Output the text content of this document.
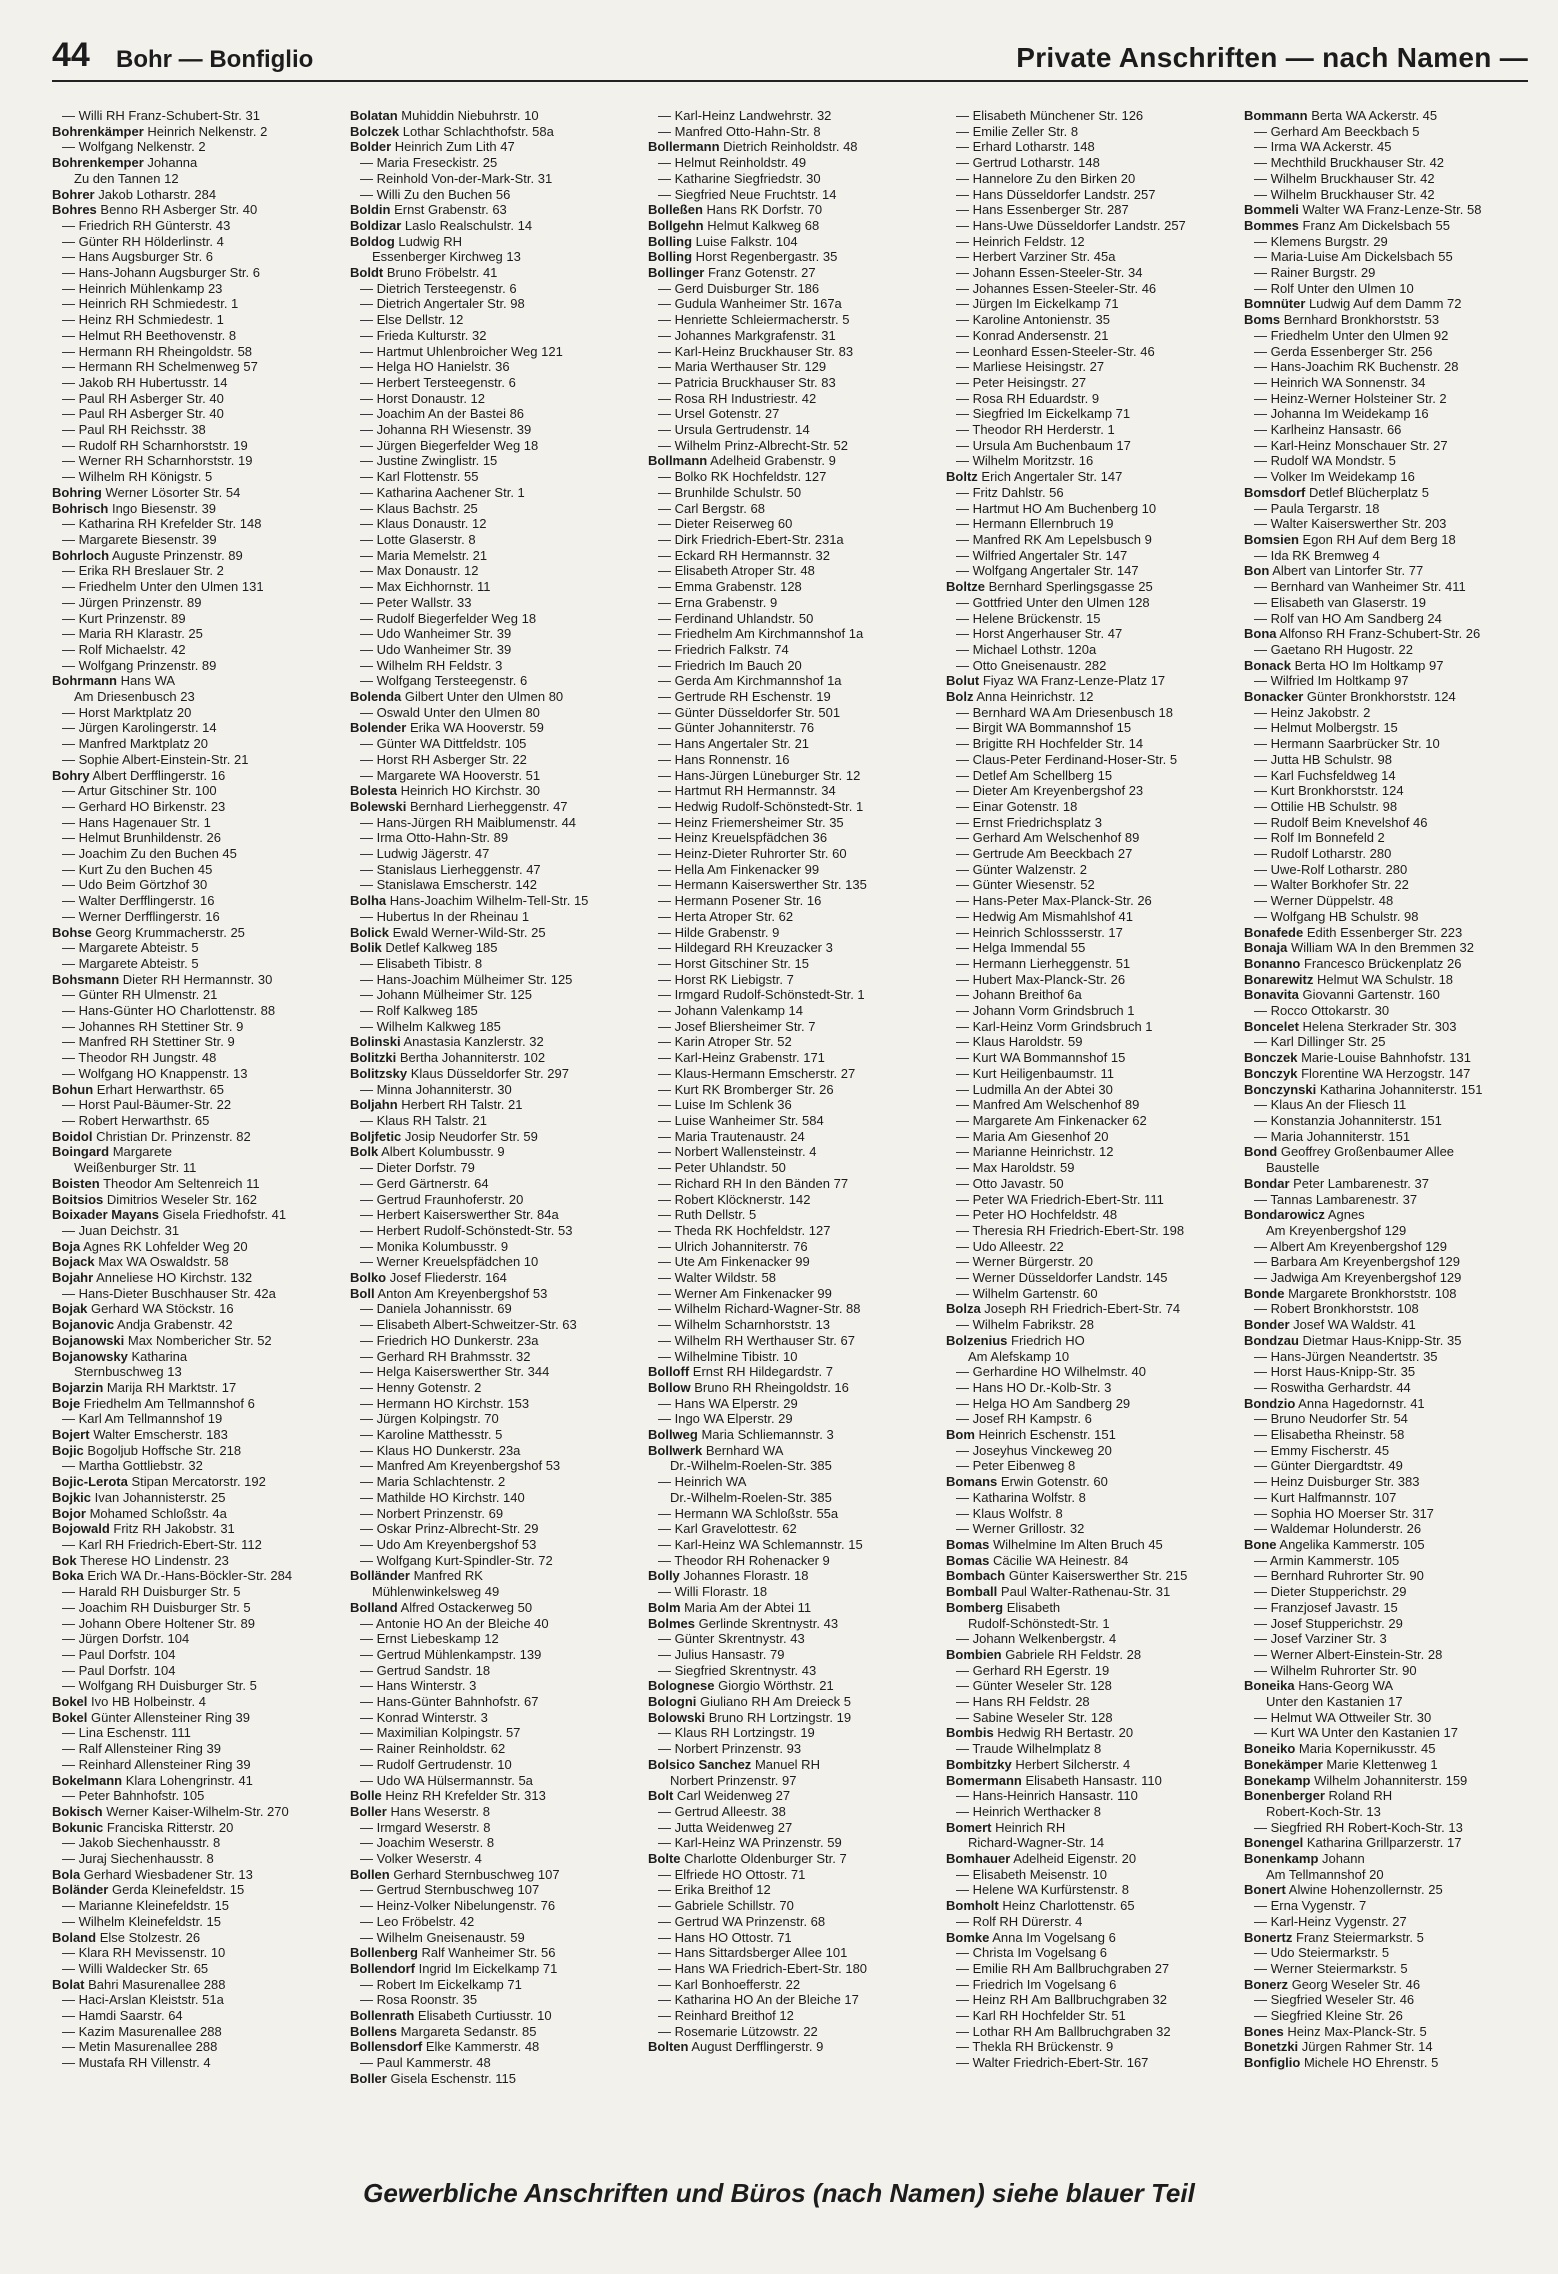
44 Bohr — Bonfiglio	Private Anschriften — nach Namen —
— Willi RH Franz-Schubert-Str. 31
Bohrenkämper Heinrich Nelkenstr. 2
— Wolfgang Nelkenstr. 2
Bohrenkemper Johanna
Zu den Tannen 12
Bohrer Jakob Lotharstr. 284
Bohres Benno RH Asberger Str. 40
— Friedrich RH Günterstr. 43
— Günter RH Hölderlinstr. 4
— Hans Augsburger Str. 6
— Hans-Johann Augsburger Str. 6
— Heinrich Mühlenkamp 23
— Heinrich RH Schmiedestr. 1
— Heinz RH Schmiedestr. 1
— Helmut RH Beethovenstr. 8
— Hermann RH Rheingoldstr. 58
— Hermann RH Schelmenweg 57
— Jakob RH Hubertusstr. 14
— Paul RH Asberger Str. 40
— Paul RH Asberger Str. 40
— Paul RH Reichsstr. 38
— Rudolf RH Scharnhorststr. 19
— Werner RH Scharnhorststr. 19
— Wilhelm RH Königstr. 5
Bohring Werner Lösorter Str. 54
Bohrisch Ingo Biesenstr. 39
— Katharina RH Krefelder Str. 148
— Margarete Biesenstr. 39
Bohrloch Auguste Prinzenstr. 89
— Erika RH Breslauer Str. 2
— Friedhelm Unter den Ulmen 131
— Jürgen Prinzenstr. 89
— Kurt Prinzenstr. 89
— Maria RH Klarastr. 25
— Rolf Michaelstr. 42
— Wolfgang Prinzenstr. 89
Bohrmann Hans WA
Am Driesenbusch 23
— Horst Marktplatz 20
— Jürgen Karolingerstr. 14
— Manfred Marktplatz 20
— Sophie Albert-Einstein-Str. 21
Bohry Albert Derfflingerstr. 16
— Artur Gitschiner Str. 100
— Gerhard HO Birkenstr. 23
— Hans Hagenauer Str. 1
— Helmut Brunhildenstr. 26
— Joachim Zu den Buchen 45
— Kurt Zu den Buchen 45
— Udo Beim Görtzhof 30
— Walter Derfflingerstr. 16
— Werner Derfflingerstr. 16
Bohse Georg Krummacherstr. 25
— Margarete Abteistr. 5
— Margarete Abteistr. 5
Bohsmann Dieter RH Hermannstr. 30
— Günter RH Ulmenstr. 21
— Hans-Günter HO Charlottenstr. 88
— Johannes RH Stettiner Str. 9
— Manfred RH Stettiner Str. 9
— Theodor RH Jungstr. 48
— Wolfgang HO Knappenstr. 13
Bohun Erhart Herwarthstr. 65
— Horst Paul-Bäumer-Str. 22
— Robert Herwarthstr. 65
Boidol Christian Dr. Prinzenstr. 82
Boingard Margarete
Weißenburger Str. 11
Boisten Theodor Am Seltenreich 11
Boitsios Dimitrios Weseler Str. 162
Boixader Mayans Gisela Friedhofstr. 41
— Juan Deichstr. 31
Boja Agnes RK Lohfelder Weg 20
Bojack Max WA Oswaldstr. 58
Bojahr Anneliese HO Kirchstr. 132
— Hans-Dieter Buschhauser Str. 42a
Bojak Gerhard WA Stöckstr. 16
Bojanovic Andja Grabenstr. 42
Bojanowski Max Nombericher Str. 52
Bojanowsky Katharina
Sternbuschweg 13
Bojarzin Marija RH Marktstr. 17
Boje Friedhelm Am Tellmannshof 6
— Karl Am Tellmannshof 19
Bojert Walter Emscherstr. 183
Bojic Bogoljub Hoffsche Str. 218
— Martha Gottliebstr. 32
Bojic-Lerota Stipan Mercatorstr. 192
Bojkic Ivan Johannisterstr. 25
Bojor Mohamed Schloßstr. 4a
Bojowald Fritz RH Jakobstr. 31
— Karl RH Friedrich-Ebert-Str. 112
Bok Therese HO Lindenstr. 23
Boka Erich WA Dr.-Hans-Böckler-Str. 284
— Harald RH Duisburger Str. 5
— Joachim RH Duisburger Str. 5
— Johann Obere Holtener Str. 89
— Jürgen Dorfstr. 104
— Paul Dorfstr. 104
— Paul Dorfstr. 104
— Wolfgang RH Duisburger Str. 5
Bokel Ivo HB Holbeinstr. 4
Bokel Günter Allensteiner Ring 39
— Lina Eschenstr. 111
— Ralf Allensteiner Ring 39
— Reinhard Allensteiner Ring 39
Bokelmann Klara Lohengrinstr. 41
— Peter Bahnhofstr. 105
Bokisch Werner Kaiser-Wilhelm-Str. 270
Bokunic Franciska Ritterstr. 20
— Jakob Siechenhausstr. 8
— Juraj Siechenhausstr. 8
Bola Gerhard Wiesbadener Str. 13
Boländer Gerda Kleinefeldstr. 15
— Marianne Kleinefeldstr. 15
— Wilhelm Kleinefeldstr. 15
Boland Else Stolzestr. 26
— Klara RH Mevissenstr. 10
— Willi Waldecker Str. 65
Bolat Bahri Masurenallee 288
— Haci-Arslan Kleiststr. 51a
— Hamdi Saarstr. 64
— Kazim Masurenallee 288
— Metin Masurenallee 288
— Mustafa RH Villenstr. 4
Bolatan Muhiddin Niebuhrstr. 10
Bolczek Lothar Schlachthofstr. 58a
Bolder Heinrich Zum Lith 47
— Maria Freseckistr. 25
— Reinhold Von-der-Mark-Str. 31
— Willi Zu den Buchen 56
Boldin Ernst Grabenstr. 63
Boldizar Laslo Realschulstr. 14
Boldog Ludwig RH
Essenberger Kirchweg 13
Boldt Bruno Fröbelstr. 41
— Dietrich Tersteegenstr. 6
— Dietrich Angertaler Str. 98
— Else Dellstr. 12
— Frieda Kulturstr. 32
— Hartmut Uhlenbroicher Weg 121
— Helga HO Hanielstr. 36
— Herbert Tersteegenstr. 6
— Horst Donaustr. 12
— Joachim An der Bastei 86
— Johanna RH Wiesenstr. 39
— Jürgen Biegerfelder Weg 18
— Justine Zwinglistr. 15
— Karl Flottenstr. 55
— Katharina Aachener Str. 1
— Klaus Bachstr. 25
— Klaus Donaustr. 12
— Lotte Glaserstr. 8
— Maria Memelstr. 21
— Max Donaustr. 12
— Max Eichhornstr. 11
— Peter Wallstr. 33
— Rudolf Biegerfelder Weg 18
— Udo Wanheimer Str. 39
— Udo Wanheimer Str. 39
— Wilhelm RH Feldstr. 3
— Wolfgang Tersteegenstr. 6
Bolenda Gilbert Unter den Ulmen 80
— Oswald Unter den Ulmen 80
Bolender Erika WA Hooverstr. 59
— Günter WA Dittfeldstr. 105
— Horst RH Asberger Str. 22
— Margarete WA Hooverstr. 51
Bolesta Heinrich HO Kirchstr. 30
Bolewski Bernhard Lierheggenstr. 47
— Hans-Jürgen RH Maiblumenstr. 44
— Irma Otto-Hahn-Str. 89
— Ludwig Jägerstr. 47
— Stanislaus Lierheggenstr. 47
— Stanislawa Emscherstr. 142
Bolha Hans-Joachim Wilhelm-Tell-Str. 15
— Hubertus In der Rheinau 1
Bolick Ewald Werner-Wild-Str. 25
Bolik Detlef Kalkweg 185
— Elisabeth Tibistr. 8
— Hans-Joachim Mülheimer Str. 125
— Johann Mülheimer Str. 125
— Rolf Kalkweg 185
— Wilhelm Kalkweg 185
Bolinski Anastasia Kanzlerstr. 32
Bolitzki Bertha Johanniterstr. 102
Bolitzsky Klaus Düsseldorfer Str. 297
— Minna Johanniterstr. 30
Boljahn Herbert RH Talstr. 21
— Klaus RH Talstr. 21
Boljfetic Josip Neudorfer Str. 59
Bolk Albert Kolumbusstr. 9
— Dieter Dorfstr. 79
— Gerd Gärtnerstr. 64
— Gertrud Fraunhoferstr. 20
— Herbert Kaiserswerther Str. 84a
— Herbert Rudolf-Schönstedt-Str. 53
— Monika Kolumbusstr. 9
— Werner Kreuelspfädchen 10
Bolko Josef Fliederstr. 164
Boll Anton Am Kreyenbergshof 53
— Daniela Johannisstr. 69
— Elisabeth Albert-Schweitzer-Str. 63
— Friedrich HO Dunkerstr. 23a
— Gerhard RH Brahmsstr. 32
— Helga Kaiserswerther Str. 344
— Henny Gotenstr. 2
— Hermann HO Kirchstr. 153
— Jürgen Kolpingstr. 70
— Karoline Matthesstr. 5
— Klaus HO Dunkerstr. 23a
— Manfred Am Kreyenbergshof 53
— Maria Schlachtenstr. 2
— Mathilde HO Kirchstr. 140
— Norbert Prinzenstr. 69
— Oskar Prinz-Albrecht-Str. 29
— Udo Am Kreyenbergshof 53
— Wolfgang Kurt-Spindler-Str. 72
Bolländer Manfred RK
Mühlenwinkelsweg 49
Bolland Alfred Ostackerweg 50
— Antonie HO An der Bleiche 40
— Ernst Liebeskamp 12
— Gertrud Mühlenkampstr. 139
— Gertrud Sandstr. 18
— Hans Winterstr. 3
— Hans-Günter Bahnhofstr. 67
— Konrad Winterstr. 3
— Maximilian Kolpingstr. 57
— Rainer Reinholdstr. 62
— Rudolf Gertrudenstr. 10
— Udo WA Hülsermannstr. 5a
Bolle Heinz RH Krefelder Str. 313
Boller Hans Weserstr. 8
— Irmgard Weserstr. 8
— Joachim Weserstr. 8
— Volker Weserstr. 4
Bollen Gerhard Sternbuschweg 107
— Gertrud Sternbuschweg 107
— Heinz-Volker Nibelungenstr. 76
— Leo Fröbelstr. 42
— Wilhelm Gneisenaustr. 59
Bollenberg Ralf Wanheimer Str. 56
Bollendorf Ingrid Im Eickelkamp 71
— Robert Im Eickelkamp 71
— Rosa Roonstr. 35
Bollenrath Elisabeth Curtiusstr. 10
Bollens Margareta Sedanstr. 85
Bollensdorf Elke Kammerstr. 48
— Paul Kammerstr. 48
Boller Gisela Eschenstr. 115
— Karl-Heinz Landwehrstr. 32
— Manfred Otto-Hahn-Str. 8
Bollermann Dietrich Reinholdstr. 48
— Helmut Reinholdstr. 49
— Katharine Siegfriedstr. 30
— Siegfried Neue Fruchtstr. 14
Bolleßen Hans RK Dorfstr. 70
Bollgehn Helmut Kalkweg 68
Bolling Luise Falkstr. 104
Bolling Horst Regenbergastr. 35
Bollinger Franz Gotenstr. 27
— Gerd Duisburger Str. 186
— Gudula Wanheimer Str. 167a
— Henriette Schleiermacherstr. 5
— Johannes Markgrafenstr. 31
— Karl-Heinz Bruckhauser Str. 83
— Maria Werthauser Str. 129
— Patricia Bruckhauser Str. 83
— Rosa RH Industriestr. 42
— Ursel Gotenstr. 27
— Ursula Gertrudenstr. 14
— Wilhelm Prinz-Albrecht-Str. 52
Bollmann Adelheid Grabenstr. 9
— Bolko RK Hochfeldstr. 127
— Brunhilde Schulstr. 50
— Carl Bergstr. 68
— Dieter Reiserweg 60
— Dirk Friedrich-Ebert-Str. 231a
— Eckard RH Hermannstr. 32
— Elisabeth Atroper Str. 48
— Emma Grabenstr. 128
— Erna Grabenstr. 9
— Ferdinand Uhlandstr. 50
— Friedhelm Am Kirchmannshof 1a
— Friedrich Falkstr. 74
— Friedrich Im Bauch 20
— Gerda Am Kirchmannshof 1a
— Gertrude RH Eschenstr. 19
— Günter Düsseldorfer Str. 501
— Günter Johanniterstr. 76
— Hans Angertaler Str. 21
— Hans Ronnenstr. 16
— Hans-Jürgen Lüneburger Str. 12
— Hartmut RH Hermannstr. 34
— Hedwig Rudolf-Schönstedt-Str. 1
— Heinz Friemersheimer Str. 35
— Heinz Kreuelspfädchen 36
— Heinz-Dieter Ruhrorter Str. 60
— Hella Am Finkenacker 99
— Hermann Kaiserswerther Str. 135
— Hermann Posener Str. 16
— Herta Atroper Str. 62
— Hilde Grabenstr. 9
— Hildegard RH Kreuzacker 3
— Horst Gitschiner Str. 15
— Horst RK Liebigstr. 7
— Irmgard Rudolf-Schönstedt-Str. 1
— Johann Valenkamp 14
— Josef Bliersheimer Str. 7
— Karin Atroper Str. 52
— Karl-Heinz Grabenstr. 171
— Klaus-Hermann Emscherstr. 27
— Kurt RK Bromberger Str. 26
— Luise Im Schlenk 36
— Luise Wanheimer Str. 584
— Maria Trautenaustr. 24
— Norbert Wallensteinstr. 4
— Peter Uhlandstr. 50
— Richard RH In den Bänden 77
— Robert Klöcknerstr. 142
— Ruth Dellstr. 5
— Theda RK Hochfeldstr. 127
— Ulrich Johanniterstr. 76
— Ute Am Finkenacker 99
— Walter Wildstr. 58
— Werner Am Finkenacker 99
— Wilhelm Richard-Wagner-Str. 88
— Wilhelm Scharnhorststr. 13
— Wilhelm RH Werthauser Str. 67
— Wilhelmine Tibistr. 10
Bolloff Ernst RH Hildegardstr. 7
Bollow Bruno RH Rheingoldstr. 16
— Hans WA Elperstr. 29
— Ingo WA Elperstr. 29
Bollweg Maria Schliemannstr. 3
Bollwerk Bernhard WA
Dr.-Wilhelm-Roelen-Str. 385
— Heinrich WA
Dr.-Wilhelm-Roelen-Str. 385
— Hermann WA Schloßstr. 55a
— Karl Gravelottestr. 62
— Karl-Heinz WA Schlemannstr. 15
— Theodor RH Rohenacker 9
Bolly Johannes Florastr. 18
— Willi Florastr. 18
Bolm Maria Am der Abtei 11
Bolmes Gerlinde Skrentnystr. 43
— Günter Skrentnystr. 43
— Julius Hansastr. 79
— Siegfried Skrentnystr. 43
Bolognese Giorgio Wörthstr. 21
Bologni Giuliano RH Am Dreieck 5
Bolowski Bruno RH Lortzingstr. 19
— Klaus RH Lortzingstr. 19
— Norbert Prinzenstr. 93
Bolsico Sanchez Manuel RH
Norbert Prinzenstr. 97
Bolt Carl Weidenweg 27
— Gertrud Alleestr. 38
— Jutta Weidenweg 27
— Karl-Heinz WA Prinzenstr. 59
Bolte Charlotte Oldenburger Str. 7
— Elfriede HO Ottostr. 71
— Erika Breithof 12
— Gabriele Schillstr. 70
— Gertrud WA Prinzenstr. 68
— Hans HO Ottostr. 71
— Hans Sittardsberger Allee 101
— Hans WA Friedrich-Ebert-Str. 180
— Karl Bonhoefferstr. 22
— Katharina HO An der Bleiche 17
— Reinhard Breithof 12
— Rosemarie Lützowstr. 22
Bolten August Derfflingerstr. 9
— Elisabeth Münchener Str. 126
— Emilie Zeller Str. 8
— Erhard Lotharstr. 148
— Gertrud Lotharstr. 148
— Hannelore Zu den Birken 20
— Hans Düsseldorfer Landstr. 257
— Hans Essenberger Str. 287
— Hans-Uwe Düsseldorfer Landstr. 257
— Heinrich Feldstr. 12
— Herbert Varziner Str. 45a
— Johann Essen-Steeler-Str. 34
— Johannes Essen-Steeler-Str. 46
— Jürgen Im Eickelkamp 71
— Karoline Antonienstr. 35
— Konrad Andersenstr. 21
— Leonhard Essen-Steeler-Str. 46
— Marliese Heisingstr. 27
— Peter Heisingstr. 27
— Rosa RH Eduardstr. 9
— Siegfried Im Eickelkamp 71
— Theodor RH Herderstr. 1
— Ursula Am Buchenbaum 17
— Wilhelm Moritzstr. 16
Boltz Erich Angertaler Str. 147
— Fritz Dahlstr. 56
— Hartmut HO Am Buchenberg 10
— Hermann Ellernbruch 19
— Manfred RK Am Lepelsbusch 9
— Wilfried Angertaler Str. 147
— Wolfgang Angertaler Str. 147
Boltze Bernhard Sperlingsgasse 25
— Gottfried Unter den Ulmen 128
— Helene Brückenstr. 15
— Horst Angerhauser Str. 47
— Michael Lothstr. 120a
— Otto Gneisenaustr. 282
Bolut Fiyaz WA Franz-Lenze-Platz 17
Bolz Anna Heinrichstr. 12
— Bernhard WA Am Driesenbusch 18
— Birgit WA Bommannshof 15
— Brigitte RH Hochfelder Str. 14
— Claus-Peter Ferdinand-Hoser-Str. 5
— Detlef Am Schellberg 15
— Dieter Am Kreyenbergshof 23
— Einar Gotenstr. 18
— Ernst Friedrichsplatz 3
— Gerhard Am Welschenhof 89
— Gertrude Am Beeckbach 27
— Günter Walzenstr. 2
— Günter Wiesenstr. 52
— Hans-Peter Max-Planck-Str. 26
— Hedwig Am Mismahlshof 41
— Heinrich Schlossserstr. 17
— Helga Immendal 55
— Hermann Lierheggenstr. 51
— Hubert Max-Planck-Str. 26
— Johann Breithof 6a
— Johann Vorm Grindsbruch 1
— Karl-Heinz Vorm Grindsbruch 1
— Klaus Haroldstr. 59
— Kurt WA Bommannshof 15
— Kurt Heiligenbaumstr. 11
— Ludmilla An der Abtei 30
— Manfred Am Welschenhof 89
— Margarete Am Finkenacker 62
— Maria Am Giesenhof 20
— Marianne Heinrichstr. 12
— Max Haroldstr. 59
— Otto Javastr. 50
— Peter WA Friedrich-Ebert-Str. 111
— Peter HO Hochfeldstr. 48
— Theresia RH Friedrich-Ebert-Str. 198
— Udo Alleestr. 22
— Werner Bürgerstr. 20
— Werner Düsseldorfer Landstr. 145
— Wilhelm Gartenstr. 60
Bolza Joseph RH Friedrich-Ebert-Str. 74
— Wilhelm Fabrikstr. 28
Bolzenius Friedrich HO
Am Alefskamp 10
— Gerhardine HO Wilhelmstr. 40
— Hans HO Dr.-Kolb-Str. 3
— Helga HO Am Sandberg 29
— Josef RH Kampstr. 6
Bom Heinrich Eschenstr. 151
— Joseyhus Vinckeweg 20
— Peter Eibenweg 8
Bomans Erwin Gotenstr. 60
— Katharina Wolfstr. 8
— Klaus Wolfstr. 8
— Werner Grillostr. 32
Bomas Wilhelmine Im Alten Bruch 45
Bomas Cäcilie WA Heinestr. 84
Bombach Günter Kaiserswerther Str. 215
Bomball Paul Walter-Rathenau-Str. 31
Bomberg Elisabeth
Rudolf-Schönstedt-Str. 1
— Johann Welkenbergstr. 4
Bombien Gabriele RH Feldstr. 28
— Gerhard RH Egerstr. 19
— Günter Weseler Str. 128
— Hans RH Feldstr. 28
— Sabine Weseler Str. 128
Bombis Hedwig RH Bertastr. 20
— Traude Wilhelmplatz 8
Bombitzky Herbert Silcherstr. 4
Bomermann Elisabeth Hansastr. 110
— Hans-Heinrich Hansastr. 110
— Heinrich Werthacker 8
Bomert Heinrich RH
Richard-Wagner-Str. 14
Bomhauer Adelheid Eigenstr. 20
— Elisabeth Meisenstr. 10
— Helene WA Kurfürstenstr. 8
Bomholt Heinz Charlottenstr. 65
— Rolf RH Dürerstr. 4
Bomke Anna Im Vogelsang 6
— Christa Im Vogelsang 6
— Emilie RH Am Ballbruchgraben 27
— Friedrich Im Vogelsang 6
— Heinz RH Am Ballbruchgraben 32
— Karl RH Hochfelder Str. 51
— Lothar RH Am Ballbruchgraben 32
— Thekla RH Brückenstr. 9
— Walter Friedrich-Ebert-Str. 167
Bommann Berta WA Ackerstr. 45
— Gerhard Am Beeckbach 5
— Irma WA Ackerstr. 45
— Mechthild Bruckhauser Str. 42
— Wilhelm Bruckhauser Str. 42
— Wilhelm Bruckhauser Str. 42
Bommeli Walter WA Franz-Lenze-Str. 58
Bommes Franz Am Dickelsbach 55
— Klemens Burgstr. 29
— Maria-Luise Am Dickelsbach 55
— Rainer Burgstr. 29
— Rolf Unter den Ulmen 10
Bomnüter Ludwig Auf dem Damm 72
Boms Bernhard Bronkhorststr. 53
— Friedhelm Unter den Ulmen 92
— Gerda Essenberger Str. 256
— Hans-Joachim RK Buchenstr. 28
— Heinrich WA Sonnenstr. 34
— Heinz-Werner Holsteiner Str. 2
— Johanna Im Weidekamp 16
— Karlheinz Hansastr. 66
— Karl-Heinz Monschauer Str. 27
— Rudolf WA Mondstr. 5
— Volker Im Weidekamp 16
Bomsdorf Detlef Blücherplatz 5
— Paula Tergarstr. 18
— Walter Kaiserswerther Str. 203
Bomsien Egon RH Auf dem Berg 18
— Ida RK Bremweg 4
Bon Albert van Lintorfer Str. 77
— Bernhard van Wanheimer Str. 411
— Elisabeth van Glaserstr. 19
— Rolf van HO Am Sandberg 24
Bona Alfonso RH Franz-Schubert-Str. 26
— Gaetano RH Hugostr. 22
Bonack Berta HO Im Holtkamp 97
— Wilfried Im Holtkamp 97
Bonacker Günter Bronkhorststr. 124
— Heinz Jakobstr. 2
— Helmut Molbergstr. 15
— Hermann Saarbrücker Str. 10
— Jutta HB Schulstr. 98
— Karl Fuchsfeldweg 14
— Kurt Bronkhorststr. 124
— Ottilie HB Schulstr. 98
— Rudolf Beim Knevelshof 46
— Rolf Im Bonnefeld 2
— Rudolf Lotharstr. 280
— Uwe-Rolf Lotharstr. 280
— Walter Borkhofer Str. 22
— Werner Düppelstr. 48
— Wolfgang HB Schulstr. 98
Bonafede Edith Essenberger Str. 223
Bonaja William WA In den Bremmen 32
Bonanno Francesco Brückenplatz 26
Bonarewitz Helmut WA Schulstr. 18
Bonavita Giovanni Gartenstr. 160
— Rocco Ottokarstr. 30
Boncelet Helena Sterkrader Str. 303
— Karl Dillinger Str. 25
Bonczek Marie-Louise Bahnhofstr. 131
Bonczyk Florentine WA Herzogstr. 147
Bonczynski Katharina Johanniterstr. 151
— Klaus An der Fliesch 11
— Konstanzia Johanniterstr. 151
— Maria Johanniterstr. 151
Bond Geoffrey Großenbaumer Allee
Baustelle
Bondar Peter Lambarenestr. 37
— Tannas Lambarenestr. 37
Bondarowicz Agnes
Am Kreyenbergshof 129
— Albert Am Kreyenbergshof 129
— Barbara Am Kreyenbergshof 129
— Jadwiga Am Kreyenbergshof 129
Bonde Margarete Bronkhorststr. 108
— Robert Bronkhorststr. 108
Bonder Josef WA Waldstr. 41
Bondzau Dietmar Haus-Knipp-Str. 35
— Hans-Jürgen Neandertstr. 35
— Horst Haus-Knipp-Str. 35
— Roswitha Gerhardstr. 44
Bondzio Anna Hagedornstr. 41
— Bruno Neudorfer Str. 54
— Elisabetha Rheinstr. 58
— Emmy Fischerstr. 45
— Günter Diergardtstr. 49
— Heinz Duisburger Str. 383
— Kurt Halfmannstr. 107
— Sophia HO Moerser Str. 317
— Waldemar Holunderstr. 26
Bone Angelika Kammerstr. 105
— Armin Kammerstr. 105
— Bernhard Ruhrorter Str. 90
— Dieter Stupperichstr. 29
— Franzjosef Javastr. 15
— Josef Stupperichstr. 29
— Josef Varziner Str. 3
— Werner Albert-Einstein-Str. 28
— Wilhelm Ruhrorter Str. 90
Boneika Hans-Georg WA
Unter den Kastanien 17
— Helmut WA Ottweiler Str. 30
— Kurt WA Unter den Kastanien 17
Boneiko Maria Kopernikusstr. 45
Bonekämper Marie Klettenweg 1
Bonekamp Wilhelm Johanniterstr. 159
Bonenberger Roland RH
Robert-Koch-Str. 13
— Siegfried RH Robert-Koch-Str. 13
Bonengel Katharina Grillparzerstr. 17
Bonenkamp Johann
Am Tellmannshof 20
Bonert Alwine Hohenzollernstr. 25
— Erna Vygenstr. 7
— Karl-Heinz Vygenstr. 27
Bonertz Franz Steiermarkstr. 5
— Udo Steiermarkstr. 5
— Werner Steiermarkstr. 5
Bonerz Georg Weseler Str. 46
— Siegfried Weseler Str. 46
— Siegfried Kleine Str. 26
Bones Heinz Max-Planck-Str. 5
Bonetzki Jürgen Rahmer Str. 14
Bonfiglio Michele HO Ehrenstr. 5
Gewerbliche Anschriften und Büros (nach Namen) siehe blauer Teil
